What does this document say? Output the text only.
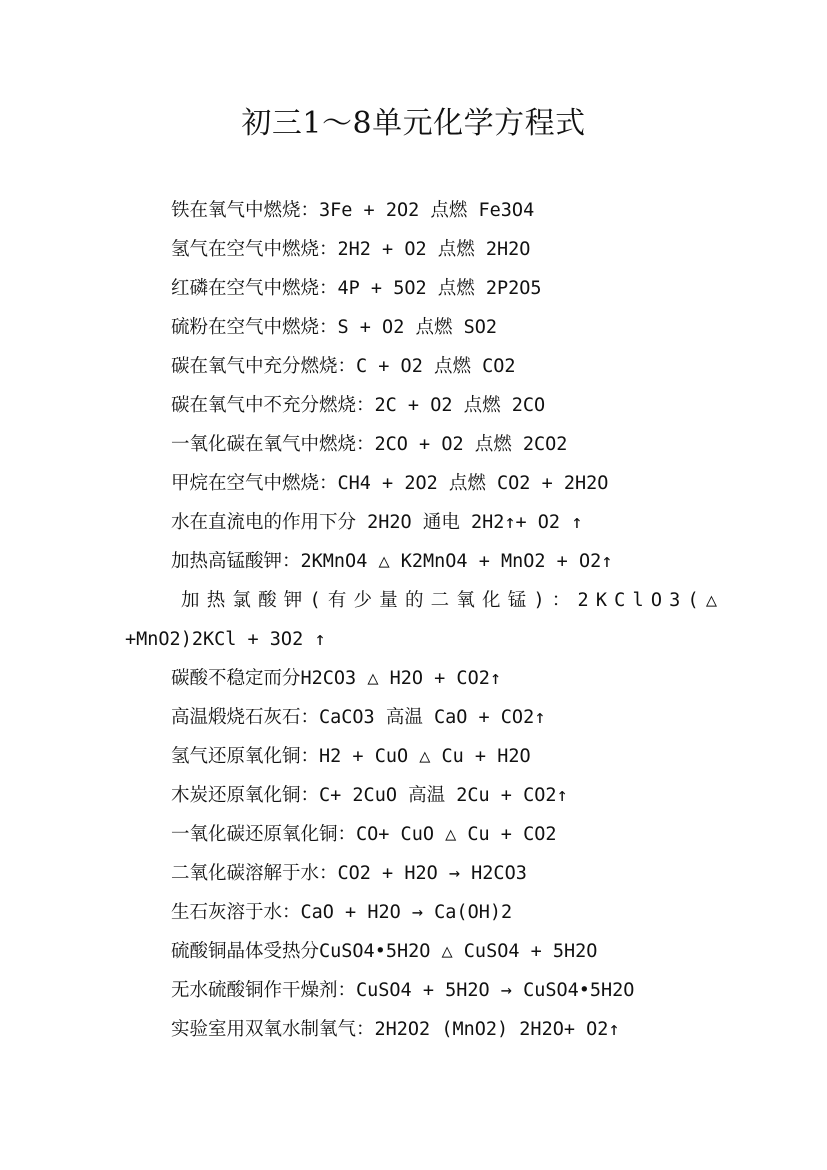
初三1～8单元化学方程式
铁在氧气中燃烧：3Fe + 2O2 点燃 Fe3O4
氢气在空气中燃烧：2H2 + O2 点燃 2H2O
红磷在空气中燃烧：4P + 5O2 点燃 2P2O5
硫粉在空气中燃烧：S + O2 点燃 SO2
碳在氧气中充分燃烧：C + O2 点燃 CO2
碳在氧气中不充分燃烧：2C + O2 点燃 2CO
一氧化碳在氧气中燃烧：2CO + O2 点燃 2CO2
甲烷在空气中燃烧：CH4 + 2O2 点燃 CO2 + 2H2O
水在直流电的作用下分 2H2O 通电 2H2↑+ O2 ↑
加热高锰酸钾：2KMnO4 △ K2MnO4 + MnO2 + O2↑
加热氯酸钾(有少量的二氧化锰)：2KClO3(△
+MnO2)2KCl + 3O2 ↑
碳酸不稳定而分H2CO3 △ H2O + CO2↑
高温煅烧石灰石：CaCO3 高温 CaO + CO2↑
氢气还原氧化铜：H2 + CuO △ Cu + H2O
木炭还原氧化铜：C+ 2CuO 高温 2Cu + CO2↑
一氧化碳还原氧化铜：CO+ CuO △ Cu + CO2
二氧化碳溶解于水：CO2 + H2O → H2CO3
生石灰溶于水：CaO + H2O → Ca(OH)2
硫酸铜晶体受热分CuSO4•5H2O △ CuSO4 + 5H2O
无水硫酸铜作干燥剂：CuSO4 + 5H2O → CuSO4•5H2O
实验室用双氧水制氧气：2H2O2 (MnO2) 2H2O+ O2↑
